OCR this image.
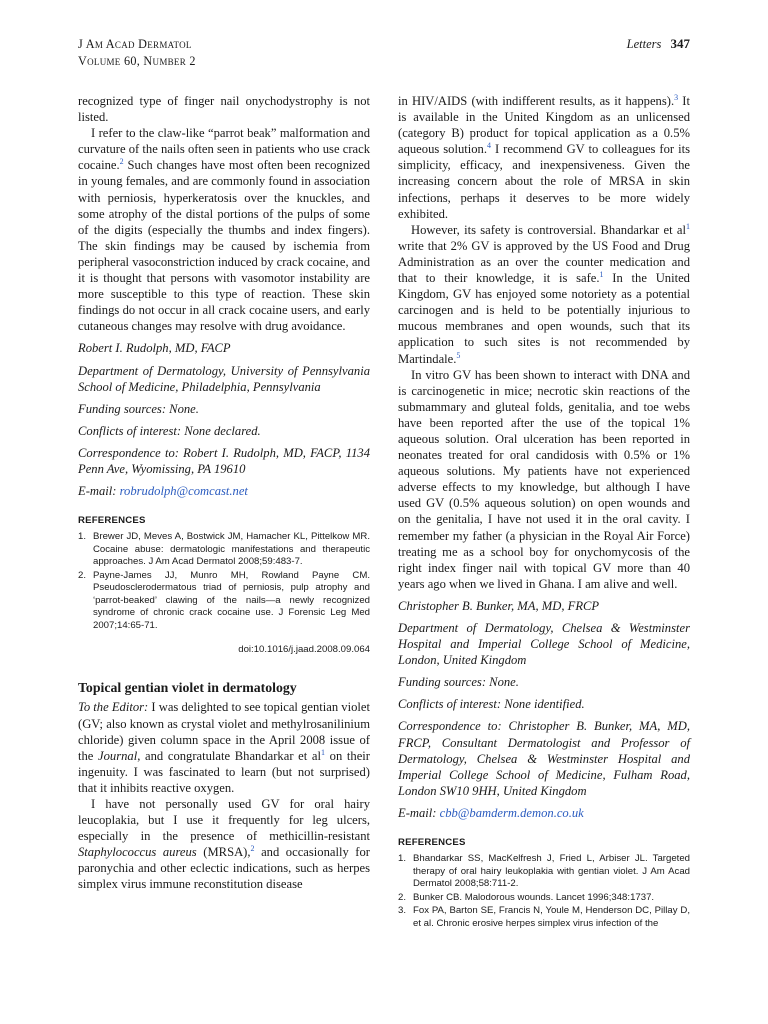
J Am Acad Dermatol
Volume 60, Number 2
Letters 347

recognized type of finger nail onychodystrophy is not listed.

I refer to the claw-like “parrot beak” malformation and curvature of the nails often seen in patients who use crack cocaine.$^2$ Such changes have most often been recognized in young females, and are commonly found in association with perniosis, hyperkeratosis over the knuckles, and some atrophy of the distal portions of the pulps of some of the digits (especially the thumbs and index fingers). The skin findings may be caused by ischemia from peripheral vasoconstriction induced by crack cocaine, and it is thought that persons with vasomotor instability are more susceptible to this type of reaction. These skin findings do not occur in all crack cocaine users, and early cutaneous changes may resolve with drug avoidance.

Robert I. Rudolph, MD, FACP

Department of Dermatology, University of Pennsylvania School of Medicine, Philadelphia, Pennsylvania

Funding sources: None.

Conflicts of interest: None declared.

Correspondence to: Robert I. Rudolph, MD, FACP, 1134 Penn Ave, Wyomissing, PA 19610

E-mail: robrudolph@comcast.net

REFERENCES

1. Brewer JD, Meves A, Bostwick JM, Hamacher KL, Pittelkow MR. Cocaine abuse: dermatologic manifestations and therapeutic approaches. J Am Acad Dermatol 2008;59:483-7.
2. Payne-James JJ, Munro MH, Rowland Payne CM. Pseudosclerodermatous triad of perniosis, pulp atrophy and ‘parrot-beaked’ clawing of the nails—a newly recognized syndrome of chronic crack cocaine use. J Forensic Leg Med 2007;14:65-71.

doi:10.1016/j.jaad.2008.09.064

Topical gentian violet in dermatology

To the Editor: I was delighted to see topical gentian violet (GV; also known as crystal violet and methylrosanilinium chloride) given column space in the April 2008 issue of the Journal, and congratulate Bhandarkar et $al^1$ on their ingenuity. I was fascinated to learn (but not surprised) that it inhibits reactive oxygen.

I have not personally used GV for oral hairy leucoplakia, but I use it frequently for leg ulcers, especially in the presence of methicillin-resistant Staphylococcus aureus (MRSA),$^2$ and occasionally for paronychia and other eclectic indications, such as herpes simplex virus immune reconstitution disease

in HIV/AIDS (with indifferent results, as it happens).$^3$ It is available in the United Kingdom as an unlicensed (category B) product for topical application as a 0.5% aqueous solution.$^4$ I recommend GV to colleagues for its simplicity, efficacy, and inexpensiveness. Given the increasing concern about the role of MRSA in skin infections, perhaps it deserves to be more widely exhibited.

However, its safety is controversial. Bhandarkar et $al^1$ write that 2% GV is approved by the US Food and Drug Administration as an over the counter medication and that to their knowledge, it is safe.$^1$ In the United Kingdom, GV has enjoyed some notoriety as a potential carcinogen and is held to be potentially injurious to mucous membranes and open wounds, such that its application to such sites is not recommended by Martindale.$^5$

In vitro GV has been shown to interact with DNA and is carcinogenetic in mice; necrotic skin reactions of the submammary and gluteal folds, genitalia, and toe webs have been reported after the use of the topical 1% aqueous solution. Oral ulceration has been reported in neonates treated for oral candidosis with 0.5% or 1% aqueous solutions. My patients have not experienced adverse effects to my knowledge, but although I have used GV (0.5% aqueous solution) on open wounds and on the genitalia, I have not used it in the oral cavity. I remember my father (a physician in the Royal Air Force) treating me as a school boy for onychomycosis of the right index finger nail with topical GV more than 40 years ago when we lived in Ghana. I am alive and well.

Christopher B. Bunker, MA, MD, FRCP

Department of Dermatology, Chelsea & Westminster Hospital and Imperial College School of Medicine, London, United Kingdom

Funding sources: None.

Conflicts of interest: None identified.

Correspondence to: Christopher B. Bunker, MA, MD, FRCP, Consultant Dermatologist and Professor of Dermatology, Chelsea & Westminster Hospital and Imperial College School of Medicine, Fulham Road, London SW10 9HH, United Kingdom

E-mail: cbb@bamderm.demon.co.uk

REFERENCES

1. Bhandarkar SS, MacKelfresh J, Fried L, Arbiser JL. Targeted therapy of oral hairy leukoplakia with gentian violet. J Am Acad Dermatol 2008;58:711-2.
2. Bunker CB. Malodorous wounds. Lancet 1996;348:1737.
3. Fox PA, Barton SE, Francis N, Youle M, Henderson DC, Pillay D, et al. Chronic erosive herpes simplex virus infection of the
